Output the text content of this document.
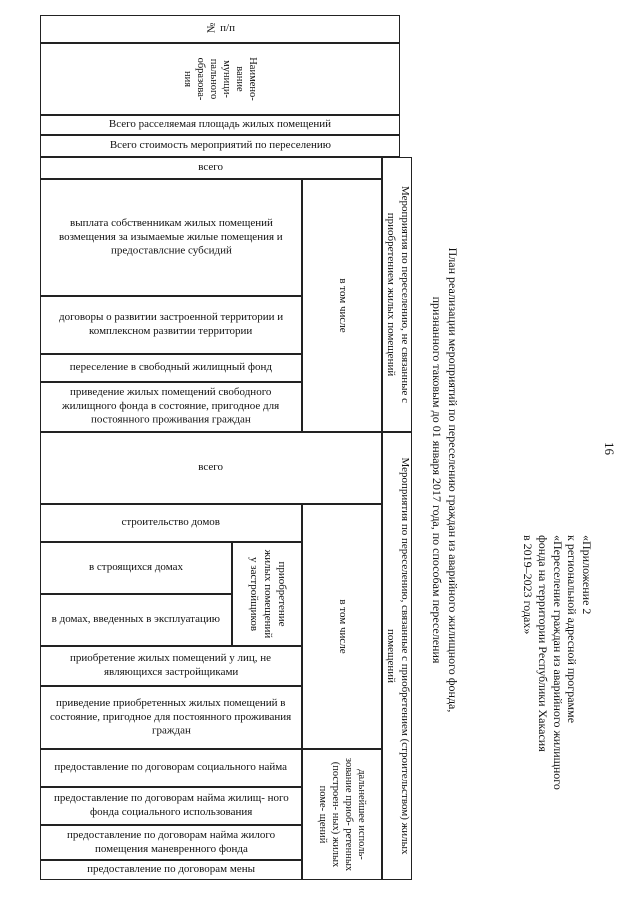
16
«Приложение 2
к региональной адресной программе
«Переселение граждан из аварийного жилищного
фонда на территории Республики Хакасия
в 2019–2023 годах»
План реализации мероприятий по переселению граждан из аварийного жилищного фонда,
признанного таковым до 01 января 2017 года, по способам переселения
№ п/п
Наимено- вание муници- пального образова- ния
Всего расселяемая площадь жилых помещений
Всего стоимость мероприятий по переселению
Мероприятия по переселению, не связанные с приобретением жилых помещений
всего
в том числе
выплата собственникам жилых помещений возмещения за изымаемые жилые помещения и предоставлсние субсидий
договоры о развитии застроенной территории и комплексном развитии территории
переселение в свободный жилищный фонд
приведение жилых помещений свободного жилищного фонда в состояние, пригодное для постоянного проживания граждан
Мероприятия по переселению, связанные с приобретением (строительством) жилых помещений
всего
в том числе
строительство домов
приобретение жилых помещений у застройщиков
в строящихся домах
в домах, введенных в эксплуатацию
приобретение жилых помещений у лиц, не являющихся застройщиками
приведение приобретенных жилых помещений в состояние, пригодное для постоянного проживания граждан
дальнейшее исполь- зование приоб- ретенных (построен- ных) жилых поме- щений
предоставление по договорам социального найма
предоставление по договорам найма жилищ- ного фонда социального использования
предоставление по договорам найма жилого помещения маневренного фонда
предоставление по договорам мены
